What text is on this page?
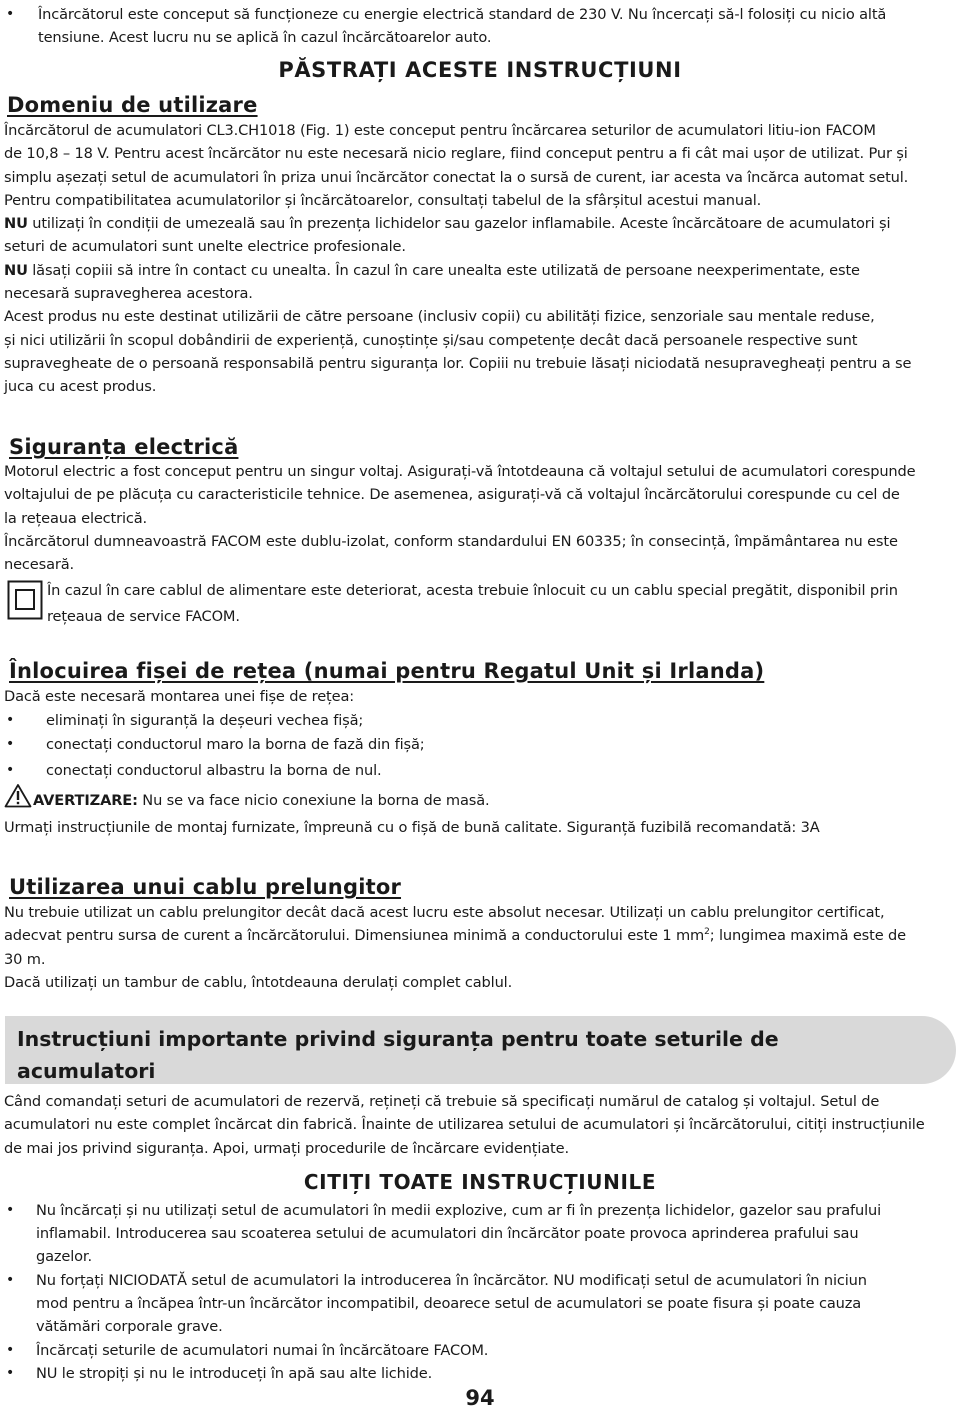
• Încărcătorul este conceput să funcționeze cu energie electrică standard de 230 V. Nu încercați să-l folosiți cu nicio altă
tensiune. Acest lucru nu se aplică în cazul încărcătoarelor auto.
PĂSTRAȚI ACESTE INSTRUCȚIUNI
Domeniu de utilizare

Încărcătorul de acumulatori CL3.CH1018 (Fig. 1) este conceput pentru încărcarea seturilor de acumulatori litiu-ion FACOM

de 10,8 – 18 V. Pentru acest încărcător nu este necesară nicio reglare, fiind conceput pentru a fi cât mai ușor de utilizat. Pur și

simplu așezați setul de acumulatori în priza unui încărcător conectat la o sursă de curent, iar acesta va încărca automat setul.

Pentru compatibilitatea acumulatorilor și încărcătoarelor, consultați tabelul de la sfârșitul acestui manual.

NU utilizați în condiții de umezeală sau în prezența lichidelor sau gazelor inflamabile. Aceste încărcătoare de acumulatori și

seturi de acumulatori sunt unelte electrice profesionale.

NU lăsați copiii să intre în contact cu unealta. În cazul în care unealta este utilizată de persoane neexperimentate, este

necesară supravegherea acestora.

Acest produs nu este destinat utilizării de către persoane (inclusiv copii) cu abilități fizice, senzoriale sau mentale reduse,

și nici utilizării în scopul dobândirii de experiență, cunoștințe și/sau competențe decât dacă persoanele respective sunt

supravegheate de o persoană responsabilă pentru siguranța lor. Copiii nu trebuie lăsați niciodată nesupravegheați pentru a se

juca cu acest produs.

Siguranța electrică

Motorul electric a fost conceput pentru un singur voltaj. Asigurați-vă întotdeauna că voltajul setului de acumulatori corespunde

voltajului de pe plăcuța cu caracteristicile tehnice. De asemenea, asigurați-vă că voltajul încărcătorului corespunde cu cel de

la rețeaua electrică.

Încărcătorul dumneavoastră FACOM este dublu-izolat, conform standardului EN 60335; în consecință, împământarea nu este

necesară.

În cazul în care cablul de alimentare este deteriorat, acesta trebuie înlocuit cu un cablu special pregătit, disponibil prin

rețeaua de service FACOM.

Înlocuirea fișei de rețea (numai pentru Regatul Unit și Irlanda)
Dacă este necesară montarea unei fișe de rețea:
• eliminați în siguranță la deșeuri vechea fișă;
• conectați conductorul maro la borna de fază din fișă;
• conectați conductorul albastru la borna de nul.
AVERTIZARE: Nu se va face nicio conexiune la borna de masă.
Urmați instrucțiunile de montaj furnizate, împreună cu o fișă de bună calitate. Siguranță fuzibilă recomandată: 3A
Utilizarea unui cablu prelungitor

Nu trebuie utilizat un cablu prelungitor decât dacă acest lucru este absolut necesar. Utilizați un cablu prelungitor certificat,

adecvat pentru sursa de curent a încărcătorului. Dimensiunea minimă a conductorului este 1 $mm^2$; lungimea maximă este de

30 m.

Dacă utilizați un tambur de cablu, întotdeauna derulați complet cablul.

Instrucțiuni importante privind siguranța pentru toate seturile de
acumulatori

Când comandați seturi de acumulatori de rezervă, rețineți că trebuie să specificați numărul de catalog și voltajul. Setul de

acumulatori nu este complet încărcat din fabrică. Înainte de utilizarea setului de acumulatori și încărcătorului, citiți instrucțiunile

de mai jos privind siguranța. Apoi, urmați procedurile de încărcare evidențiate.

CITIȚI TOATE INSTRUCȚIUNILE
• Nu încărcați și nu utilizați setul de acumulatori în medii explozive, cum ar fi în prezența lichidelor, gazelor sau prafului
inflamabil. Introducerea sau scoaterea setului de acumulatori din încărcător poate provoca aprinderea prafului sau
gazelor.
• Nu forțați NICIODATĂ setul de acumulatori la introducerea în încărcător. NU modificați setul de acumulatori în niciun
mod pentru a încăpea într-un încărcător incompatibil, deoarece setul de acumulatori se poate fisura și poate cauza
vătămări corporale grave.
• Încărcați seturile de acumulatori numai în încărcătoare FACOM.
• NU le stropiți și nu le introduceți în apă sau alte lichide.
94
